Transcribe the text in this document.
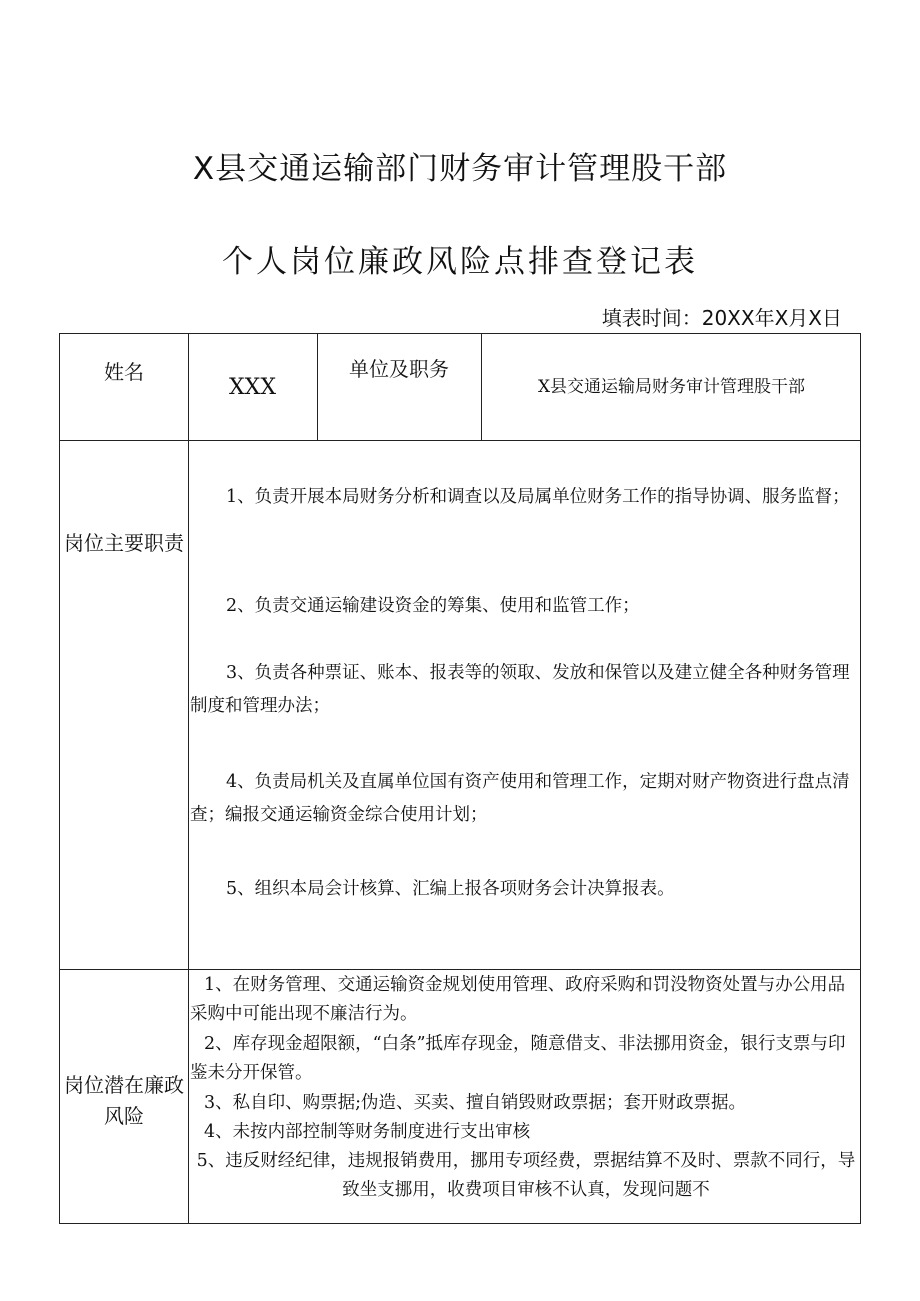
X县交通运输部门财务审计管理股干部
个人岗位廉政风险点排查登记表
填表时间：20XX年X月X日
姓名
XXX
单位及职务
X县交通运输局财务审计管理股干部
岗位主要职责
1、负责开展本局财务分析和调查以及局属单位财务工作的指导协调、服务监督；
2、负责交通运输建设资金的筹集、使用和监管工作；
3、负责各种票证、账本、报表等的领取、发放和保管以及建立健全各种财务管理制度和管理办法；
4、负责局机关及直属单位国有资产使用和管理工作，定期对财产物资进行盘点清查；编报交通运输资金综合使用计划；
5、组织本局会计核算、汇编上报各项财务会计决算报表。
岗位潜在廉政风险
1、在财务管理、交通运输资金规划使用管理、政府采购和罚没物资处置与办公用品采购中可能出现不廉洁行为。
2、库存现金超限额，“白条”抵库存现金，随意借支、非法挪用资金，银行支票与印鉴未分开保管。
3、私自印、购票据;伪造、买卖、擅自销毁财政票据；套开财政票据。
4、未按内部控制等财务制度进行支出审核
5、违反财经纪律，违规报销费用，挪用专项经费，票据结算不及时、票款不同行，导致坐支挪用，收费项目审核不认真，发现问题不
